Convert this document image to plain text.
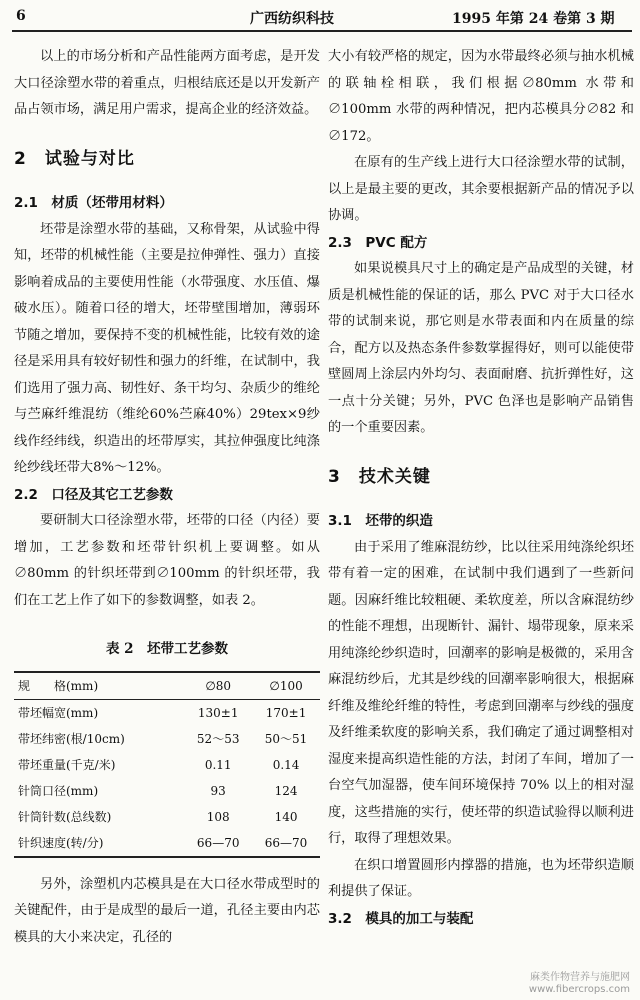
6	广西纺织科技	1995 年第 24 卷第 3 期

以上的市场分析和产品性能两方面考虑，是开发大口径涂塑水带的着重点，归根结底还是以开发新产品占领市场，满足用户需求，提高企业的经济效益。

2　试验与对比
2.1　材质（坯带用材料）

坯带是涂塑水带的基础，又称骨架，从试验中得知，坯带的机械性能（主要是拉伸弹性、强力）直接影响着成品的主要使用性能（水带强度、水压值、爆破水压）。随着口径的增大，坯带壁围增加，薄弱环节随之增加，要保持不变的机械性能，比较有效的途径是采用具有较好韧性和强力的纤维，在试制中，我们选用了强力高、韧性好、条干均匀、杂质少的维纶与苎麻纤维混纺（维纶60%苎麻40%）29tex×9纱线作经纬线，织造出的坯带厚实，其拉伸强度比纯涤纶纱线坯带大8%～12%。

2.2　口径及其它工艺参数

要研制大口径涂塑水带，坯带的口径（内径）要增加，工艺参数和坯带针织机上要调整。如从∅80mm 的针织坯带到∅100mm 的针织坯带，我们在工艺上作了如下的参数调整，如表 2。

表 2　坯带工艺参数
规　　格(mm)	∅80	∅100
带坯幅宽(mm)	130±1	170±1
带坯纬密(根/10cm)	52～53	50～51
带坯重量(千克/米)	0.11	0.14
针筒口径(mm)	93	124
针筒针数(总线数)	108	140
针织速度(转/分)	66—70	66—70

另外，涂塑机内芯模具是在大口径水带成型时的关键配件，由于是成型的最后一道，孔径主要由内芯模具的大小来决定，孔径的

大小有较严格的规定，因为水带最终必须与抽水机械的联轴栓相联，我们根据∅80mm 水带和∅100mm 水带的两种情况，把内芯模具分∅82 和∅172。

在原有的生产线上进行大口径涂塑水带的试制，以上是最主要的更改，其余要根据新产品的情况予以协调。

2.3　PVC 配方

如果说模具尺寸上的确定是产品成型的关键，材质是机械性能的保证的话，那么 PVC 对于大口径水带的试制来说，那它则是水带表面和内在质量的综合，配方以及热态条件参数掌握得好，则可以能使带壁圆周上涂层内外均匀、表面耐磨、抗折弹性好，这一点十分关键；另外，PVC 色泽也是影响产品销售的一个重要因素。

3　技术关键
3.1　坯带的织造

由于采用了维麻混纺纱，比以往采用纯涤纶织坯带有着一定的困难，在试制中我们遇到了一些新问题。因麻纤维比较粗硬、柔软度差，所以含麻混纺纱的性能不理想，出现断针、漏针、塌带现象，原来采用纯涤纶纱织造时，回潮率的影响是极微的，采用含麻混纺纱后，尤其是纱线的回潮率影响很大，根据麻纤维及维纶纤维的特性，考虑到回潮率与纱线的强度及纤维柔软度的影响关系，我们确定了通过调整相对湿度来提高织造性能的方法，封闭了车间，增加了一台空气加湿器，使车间环境保持 70% 以上的相对湿度，这些措施的实行，使坯带的织造试验得以顺利进行，取得了理想效果。

在织口增置圆形内撑器的措施，也为坯带织造顺利提供了保证。

3.2　模具的加工与装配
麻类作物营养与施肥网
www.fibercrops.com
